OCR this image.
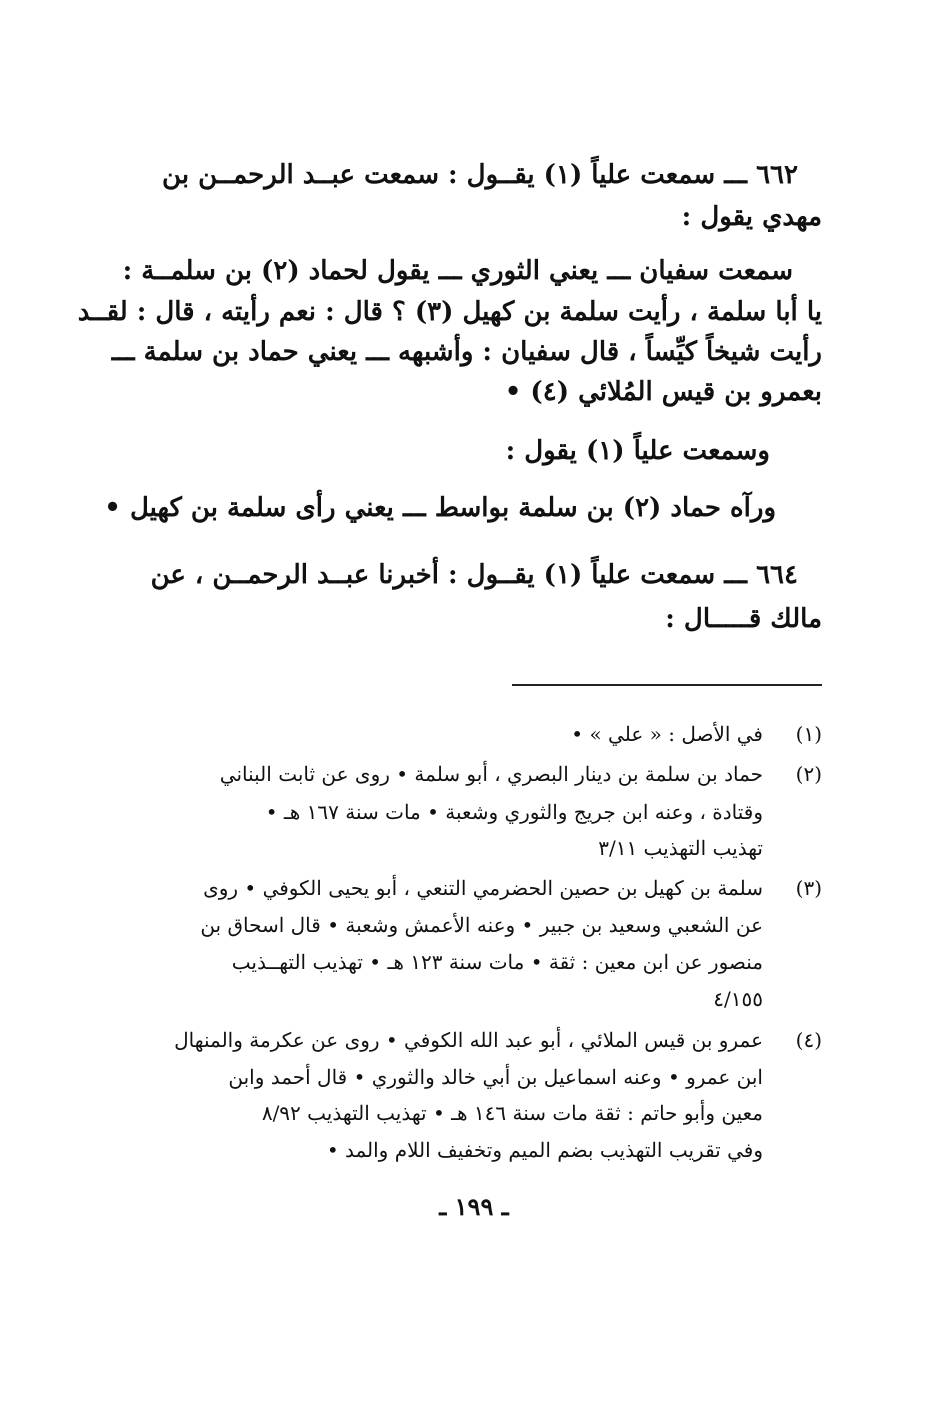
٦٦٢ ـــ سمعت علياً (١) يقــول : سمعت عبــد الرحمــن بن
مهدي يقول :
سمعت سفيان ـــ يعني الثوري ـــ يقول لحماد (٢) بن سلمــة :
يا أبا سلمة ، رأيت سلمة بن كهيل (٣) ؟ قال : نعم رأيته ، قال : لقــد
رأيت شيخاً كيِّساً ، قال سفيان : وأشبهه ـــ يعني حماد بن سلمة ـــ
بعمرو بن قيس المُلائي (٤) •
وسمعت علياً (١) يقول :
ورآه حماد (٢) بن سلمة بواسط ـــ يعني رأى سلمة بن كهيل •
٦٦٤ ـــ سمعت علياً (١) يقــول : أخبرنا عبــد الرحمــن ، عن
مالك قـــــال :
(١)
في الأصل : « علي » •
(٢)
حماد بن سلمة بن دينار البصري ، أبو سلمة • روى عن ثابت البناني
وقتادة ، وعنه ابن جريج والثوري وشعبة • مات سنة ١٦٧ هـ •
تهذيب التهذيب ٣/١١
(٣)
سلمة بن كهيل بن حصين الحضرمي التنعي ، أبو يحيى الكوفي • روى
عن الشعبي وسعيد بن جبير • وعنه الأعمش وشعبة • قال اسحاق بن
منصور عن ابن معين : ثقة • مات سنة ١٢٣ هـ • تهذيب التهــذيب
٤/١٥٥
(٤)
عمرو بن قيس الملائي ، أبو عبد الله الكوفي • روى عن عكرمة والمنهال
ابن عمرو • وعنه اسماعيل بن أبي خالد والثوري • قال أحمد وابن
معين وأبو حاتم : ثقة مات سنة ١٤٦ هـ • تهذيب التهذيب ٨/٩٢
وفي تقريب التهذيب بضم الميم وتخفيف اللام والمد •
ـ ١٩٩ ـ
